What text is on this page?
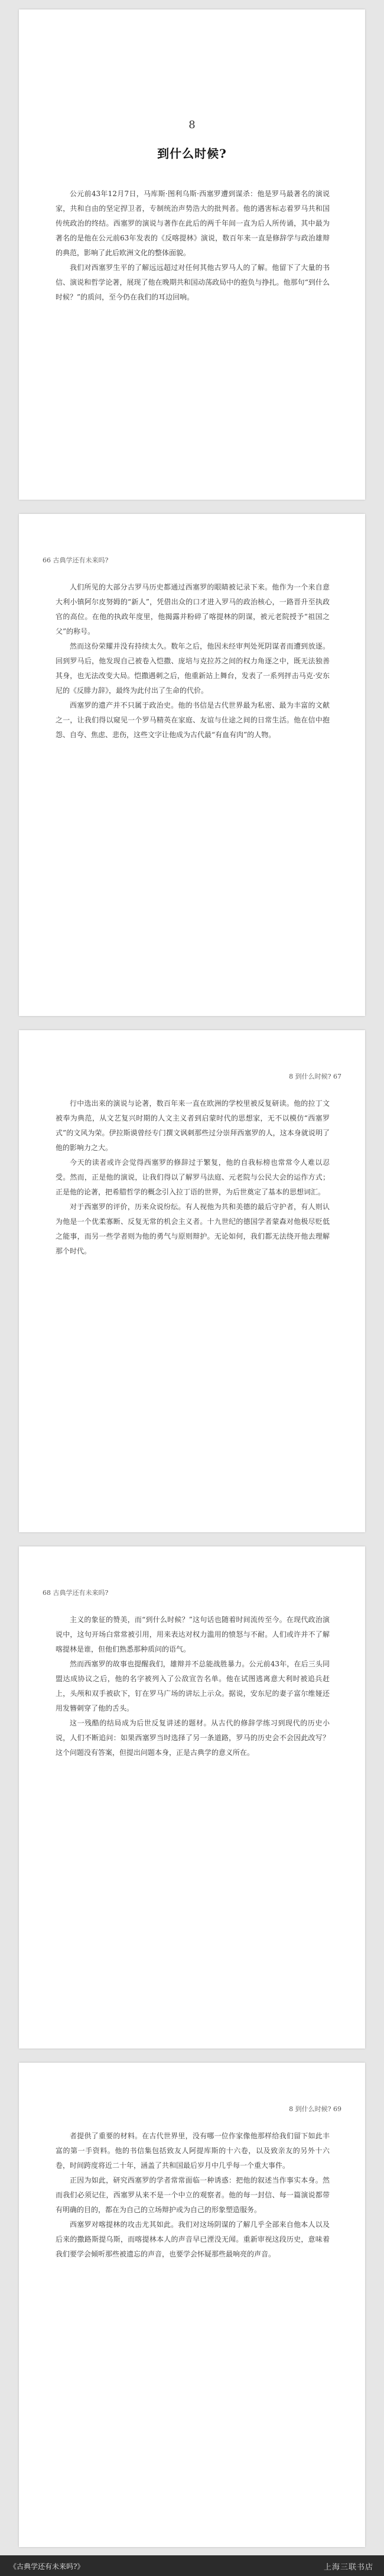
8
到什么时候?

公元前43年12月7日，马库斯·图利乌斯·西塞罗遭到谋杀：他是罗马最著名的演说家，共和自由的坚定捍卫者，专制统治声势浩大的批判者。他的遇害标志着罗马共和国传统政治的终结。西塞罗的演说与著作在此后的两千年间一直为后人所传诵，其中最为著名的是他在公元前63年发表的《反喀提林》演说，数百年来一直是修辞学与政治雄辩的典范，影响了此后欧洲文化的整体面貌。

我们对西塞罗生平的了解远远超过对任何其他古罗马人的了解。他留下了大量的书信、演说和哲学论著，展现了他在晚期共和国动荡政局中的抱负与挣扎。他那句“到什么时候？”的质问，至今仍在我们的耳边回响。

66 古典学还有未来吗?

人们所见的大部分古罗马历史都通过西塞罗的眼睛被记录下来。他作为一个来自意大利小镇阿尔皮努姆的“新人”，凭借出众的口才进入罗马的政治核心，一路晋升至执政官的高位。在他的执政年度里，他揭露并粉碎了喀提林的阴谋，被元老院授予“祖国之父”的称号。

然而这份荣耀并没有持续太久。数年之后，他因未经审判处死阴谋者而遭到放逐。回到罗马后，他发现自己被卷入恺撒、庞培与克拉苏之间的权力角逐之中，既无法独善其身，也无法改变大局。恺撒遇刺之后，他重新站上舞台，发表了一系列抨击马克·安东尼的《反腓力辞》，最终为此付出了生命的代价。

西塞罗的遗产并不只属于政治史。他的书信是古代世界最为私密、最为丰富的文献之一，让我们得以窥见一个罗马精英在家庭、友谊与仕途之间的日常生活。他在信中抱怨、自夸、焦虑、悲伤，这些文字让他成为古代最“有血有肉”的人物。

8 到什么时候? 67

行中选出来的演说与论著，数百年来一直在欧洲的学校里被反复研读。他的拉丁文被奉为典范，从文艺复兴时期的人文主义者到启蒙时代的思想家，无不以模仿“西塞罗式”的文风为荣。伊拉斯谟曾经专门撰文讽刺那些过分崇拜西塞罗的人，这本身就说明了他的影响力之大。

今天的读者或许会觉得西塞罗的修辞过于繁复，他的自我标榜也常常令人难以忍受。然而，正是他的演说，让我们得以了解罗马法庭、元老院与公民大会的运作方式；正是他的论著，把希腊哲学的概念引入拉丁语的世界，为后世奠定了基本的思想词汇。

对于西塞罗的评价，历来众说纷纭。有人视他为共和美德的最后守护者，有人则认为他是一个优柔寡断、反复无常的机会主义者。十九世纪的德国学者蒙森对他极尽贬低之能事，而另一些学者则为他的勇气与原则辩护。无论如何，我们都无法绕开他去理解那个时代。

68 古典学还有未来吗?

主义的象征的赞美，而“到什么时候？”这句话也随着时间流传至今。在现代政治演说中，这句开场白常常被引用，用来表达对权力滥用的愤怒与不耐。人们或许并不了解喀提林是谁，但他们熟悉那种质问的语气。

然而西塞罗的故事也提醒我们，雄辩并不总能战胜暴力。公元前43年，在后三头同盟达成协议之后，他的名字被列入了公敌宣告名单。他在试图逃离意大利时被追兵赶上，头颅和双手被砍下，钉在罗马广场的讲坛上示众。据说，安东尼的妻子富尔维娅还用发簪刺穿了他的舌头。

这一残酷的结局成为后世反复讲述的题材。从古代的修辞学练习到现代的历史小说，人们不断追问：如果西塞罗当时选择了另一条道路，罗马的历史会不会因此改写？这个问题没有答案，但提出问题本身，正是古典学的意义所在。

8 到什么时候? 69

者提供了重要的材料。在古代世界里，没有哪一位作家像他那样给我们留下如此丰富的第一手资料。他的书信集包括致友人阿提库斯的十六卷，以及致亲友的另外十六卷，时间跨度将近二十年，涵盖了共和国最后岁月中几乎每一个重大事件。

正因为如此，研究西塞罗的学者常常面临一种诱惑：把他的叙述当作事实本身。然而我们必须记住，西塞罗从来不是一个中立的观察者。他的每一封信、每一篇演说都带有明确的目的，都在为自己的立场辩护或为自己的形象塑造服务。

西塞罗对喀提林的攻击尤其如此。我们对这场阴谋的了解几乎全部来自他本人以及后来的撒路斯提乌斯，而喀提林本人的声音早已湮没无闻。重新审视这段历史，意味着我们要学会倾听那些被遗忘的声音，也要学会怀疑那些最响亮的声音。

《古典学还有未来吗?》	上海三联书店
